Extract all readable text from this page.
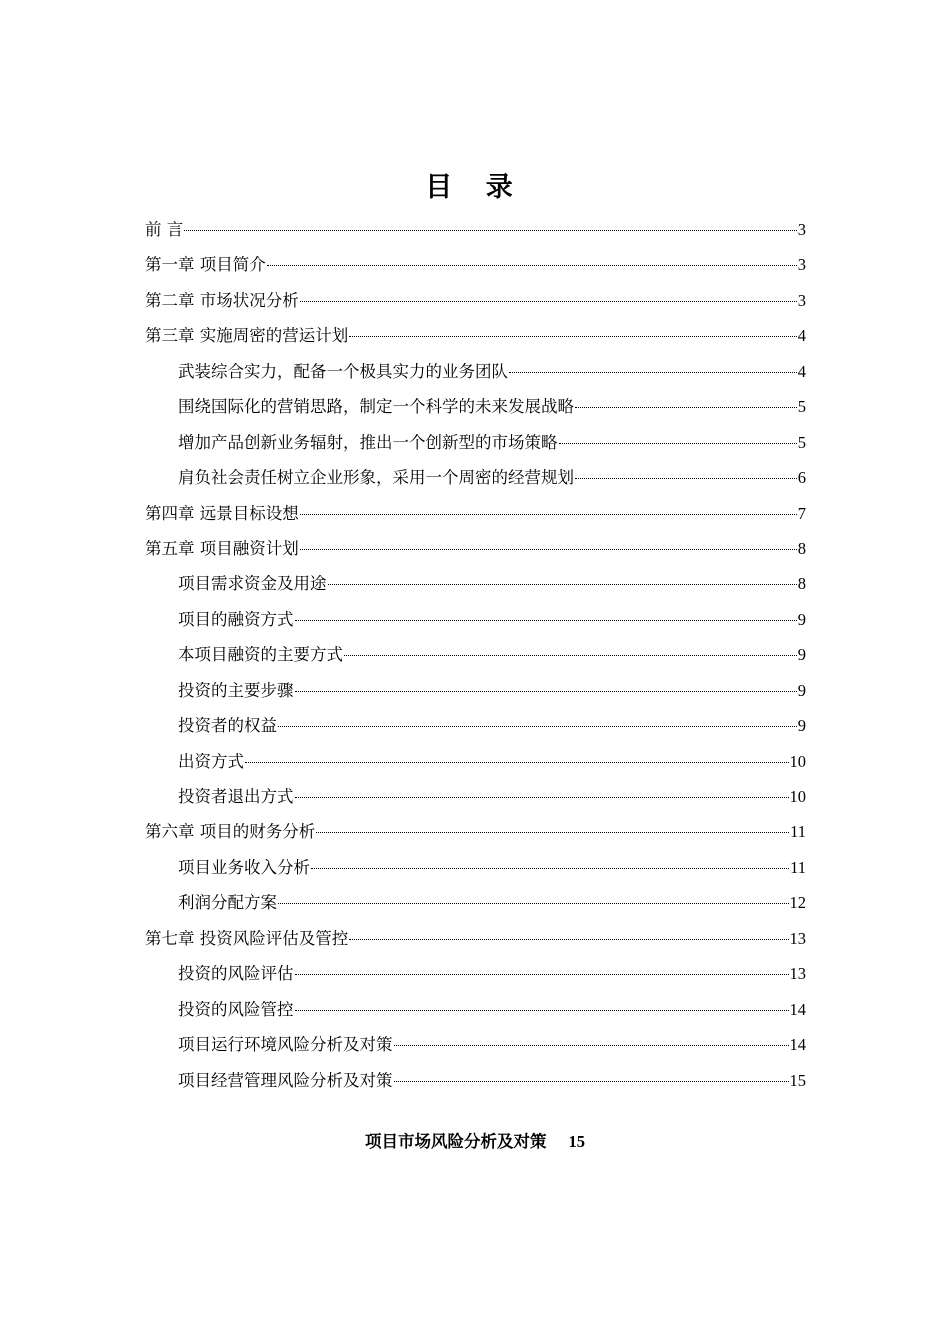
目 录
前 言	3
第一章 项目简介	3
第二章 市场状况分析	3
第三章 实施周密的营运计划	4
武装综合实力，配备一个极具实力的业务团队	4
围绕国际化的营销思路，制定一个科学的未来发展战略	5
增加产品创新业务辐射，推出一个创新型的市场策略	5
肩负社会责任树立企业形象，采用一个周密的经营规划	6
第四章 远景目标设想	7
第五章 项目融资计划	8
项目需求资金及用途	8
项目的融资方式	9
本项目融资的主要方式	9
投资的主要步骤	9
投资者的权益	9
出资方式	10
投资者退出方式	10
第六章 项目的财务分析	11
项目业务收入分析	11
利润分配方案	12
第七章 投资风险评估及管控	13
投资的风险评估	13
投资的风险管控	14
项目运行环境风险分析及对策	14
项目经营管理风险分析及对策	15
项目市场风险分析及对策 15
